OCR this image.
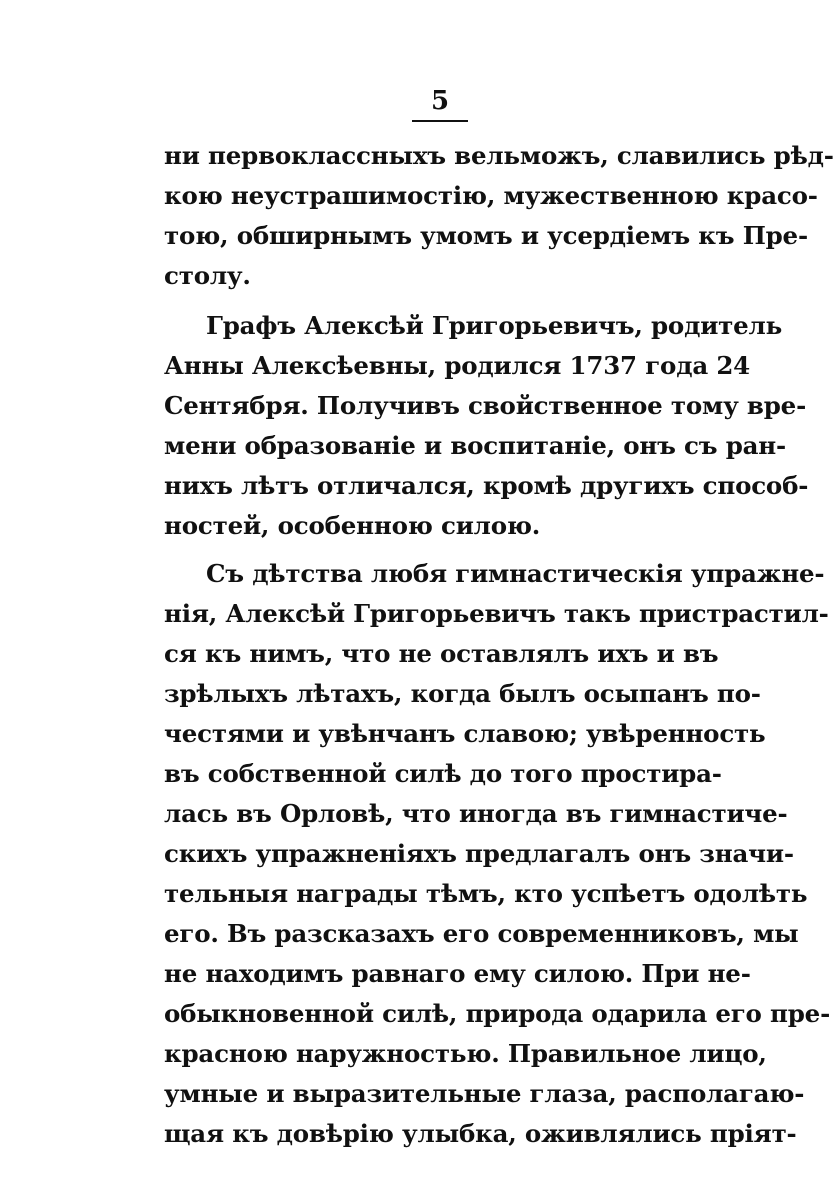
5
ни первоклассныхъ вельможъ, славились рѣд-
кою неустрашимостію, мужественною красо-
тою, обширнымъ умомъ и усердіемъ къ Пре-
столу.
Графъ Алексѣй Григорьевичъ, родитель
Анны Алексѣевны, родился 1737 года 24
Сентября. Получивъ свойственное тому вре-
мени образованіе и воспитаніе, онъ съ ран-
нихъ лѣтъ отличался, кромѣ другихъ способ-
ностей, особенною силою.
Съ дѣтства любя гимнастическія упражне-
нія, Алексѣй Григорьевичъ такъ пристрастил-
ся къ нимъ, что не оставлялъ ихъ и въ
зрѣлыхъ лѣтахъ, когда былъ осыпанъ по-
честями и увѣнчанъ славою; увѣренность
въ собственной силѣ до того простира-
лась въ Орловѣ, что иногда въ гимнастиче-
скихъ упражненіяхъ предлагалъ онъ значи-
тельныя награды тѣмъ, кто успѣетъ одолѣть
его. Въ разсказахъ его современниковъ, мы
не находимъ равнаго ему силою. При не-
обыкновенной силѣ, природа одарила его пре-
красною наружностью. Правильное лицо,
умные и выразительные глаза, располагаю-
щая къ довѣрію улыбка, оживлялись пріят-
